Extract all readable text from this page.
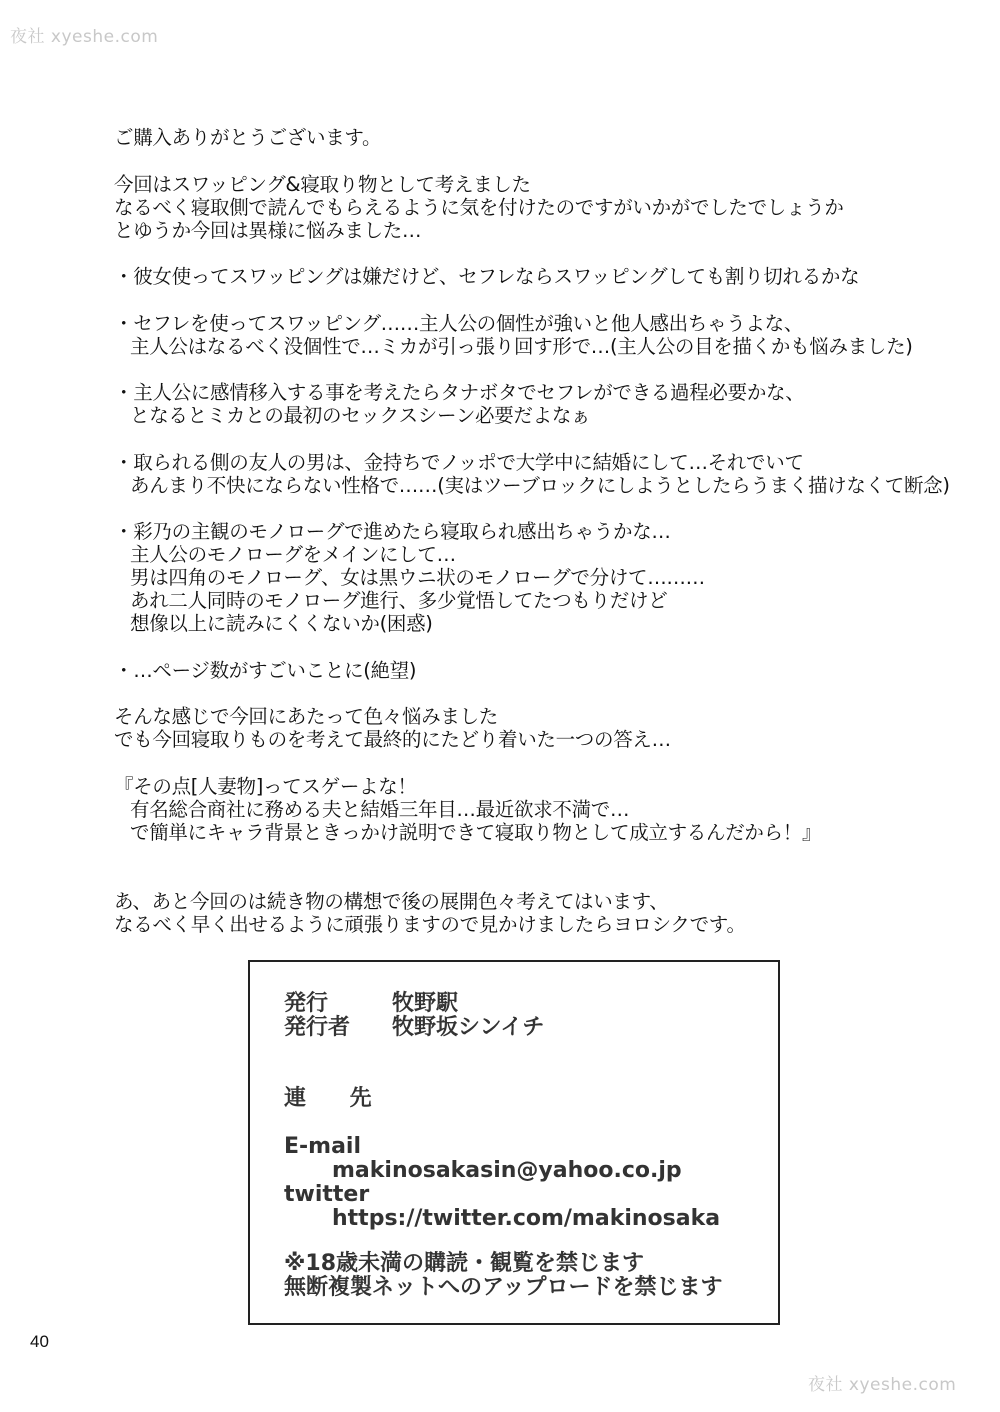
夜社 xyeshe.com
ご購入ありがとうございます。
今回はスワッピング&寝取り物として考えました
なるべく寝取側で読んでもらえるように気を付けたのですがいかがでしたでしょうか
とゆうか今回は異様に悩みました…
・彼女使ってスワッピングは嫌だけど、セフレならスワッピングしても割り切れるかな
・セフレを使ってスワッピング……主人公の個性が強いと他人感出ちゃうよな、
主人公はなるべく没個性で…ミカが引っ張り回す形で…(主人公の目を描くかも悩みました)
・主人公に感情移入する事を考えたらタナボタでセフレができる過程必要かな、
となるとミカとの最初のセックスシーン必要だよなぁ
・取られる側の友人の男は、金持ちでノッポで大学中に結婚にして…それでいて
あんまり不快にならない性格で……(実はツーブロックにしようとしたらうまく描けなくて断念)
・彩乃の主観のモノローグで進めたら寝取られ感出ちゃうかな…
主人公のモノローグをメインにして…
男は四角のモノローグ、女は黒ウニ状のモノローグで分けて………
あれ二人同時のモノローグ進行、多少覚悟してたつもりだけど
想像以上に読みにくくないか(困惑)
・…ページ数がすごいことに(絶望)
そんな感じで今回にあたって色々悩みました
でも今回寝取りものを考えて最終的にたどり着いた一つの答え…
『その点[人妻物]ってスゲーよな！
有名総合商社に務める夫と結婚三年目…最近欲求不満で…
で簡単にキャラ背景ときっかけ説明できて寝取り物として成立するんだから！』
あ、あと今回のは続き物の構想で後の展開色々考えてはいます、
なるべく早く出せるように頑張りますので見かけましたらヨロシクです。
発行	牧野駅
発行者 牧野坂シンイチ
連 先
E-mail
makinosakasin@yahoo.co.jp
twitter
https://twitter.com/makinosaka
※18歳未満の購読・観覧を禁じます
無断複製ネットへのアップロードを禁じます
40
夜社 xyeshe.com
